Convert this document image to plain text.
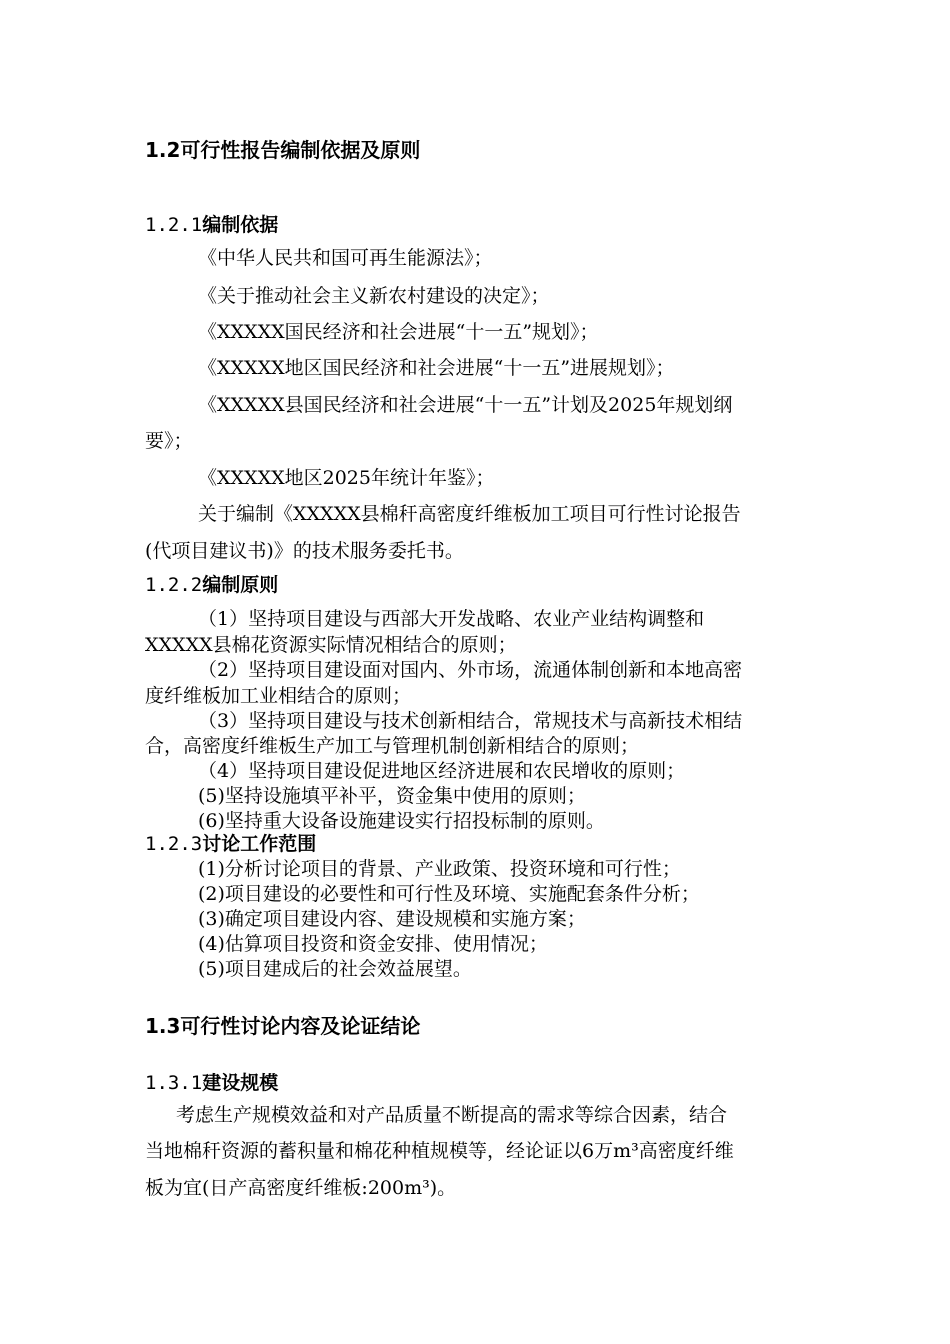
1.2可行性报告编制依据及原则
1.2.1编制依据
《中华人民共和国可再生能源法》；
《关于推动社会主义新农村建设的决定》；
《XXXXX国民经济和社会进展“十一五”规划》；
《XXXXX地区国民经济和社会进展“十一五”进展规划》；
《XXXXX县国民经济和社会进展“十一五”计划及2025年规划纲
要》；
《XXXXX地区2025年统计年鉴》；
关于编制《XXXXX县棉秆高密度纤维板加工项目可行性讨论报告
(代项目建议书)》的技术服务委托书。
1.2.2编制原则
（1）坚持项目建设与西部大开发战略、农业产业结构调整和
XXXXX县棉花资源实际情况相结合的原则；
（2）坚持项目建设面对国内、外市场，流通体制创新和本地高密
度纤维板加工业相结合的原则；
（3）坚持项目建设与技术创新相结合，常规技术与高新技术相结
合，高密度纤维板生产加工与管理机制创新相结合的原则；
（4）坚持项目建设促进地区经济进展和农民增收的原则；
(5)坚持设施填平补平，资金集中使用的原则；
(6)坚持重大设备设施建设实行招投标制的原则。
1.2.3讨论工作范围
(1)分析讨论项目的背景、产业政策、投资环境和可行性；
(2)项目建设的必要性和可行性及环境、实施配套条件分析；
(3)确定项目建设内容、建设规模和实施方案；
(4)估算项目投资和资金安排、使用情况；
(5)项目建成后的社会效益展望。
1.3可行性讨论内容及论证结论
1.3.1建设规模
考虑生产规模效益和对产品质量不断提高的需求等综合因素，结合
当地棉秆资源的蓄积量和棉花种植规模等，经论证以6万m³高密度纤维
板为宜(日产高密度纤维板:200m³)。
